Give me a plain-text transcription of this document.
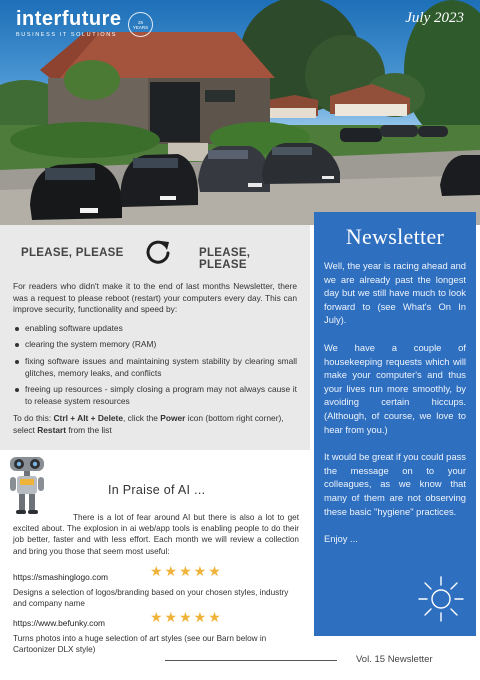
interfuture
BUSINESS IT SOLUTIONS
25
YEARS
July 2023
PLEASE, PLEASE	PLEASE, PLEASE

For readers who didn't make it to the end of last months Newsletter, there was a request to please reboot (restart) your computers every day. This can improve security, functionality and speed by:

enabling software updates
clearing the system memory (RAM)
fixing software issues and maintaining system stability by clearing small glitches, memory leaks, and conflicts
freeing up resources - simply closing a program may not always cause it to release system resources

To do this: Ctrl + Alt + Delete, click the Power icon (bottom right corner), select Restart from the list

In Praise of AI ...

There is a lot of fear around AI but there is also a lot to get excited about. The explosion in ai web/app tools is enabling people to do their job better, faster and with less effort. Each month we will review a collection and bring you those that seem most useful:

https://smashinglogo.com	★★★★★
Designs a selection of logos/branding based on your chosen styles, industry and company name
https://www.befunky.com	★★★★★
Turns photos into a huge selection of art styles (see our Barn below in Cartoonizer DLX style)
Newsletter

Well, the year is racing ahead and we are already past the longest day but we still have much to look forward to (see What's On In July).

We have a couple of housekeeping requests which will make your computer's and thus your lives run more smoothly, by avoiding certain hiccups. (Although, of course, we love to hear from you.)

It would be great if you could pass the message on to your colleagues, as we know that many of them are not observing these basic "hygiene" practices.

Enjoy ...

Vol. 15 Newsletter
